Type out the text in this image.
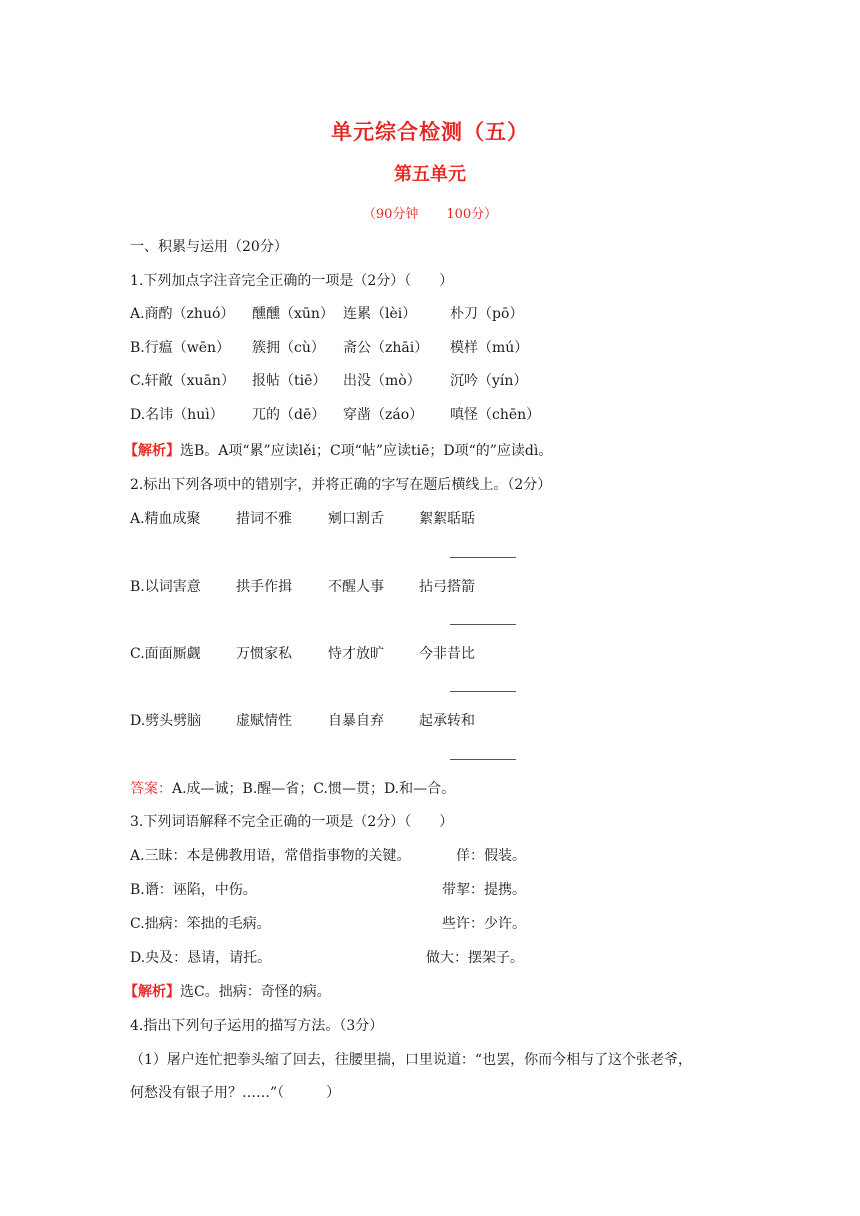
单元综合检测（五）
第五单元
（90分钟 100分）
一、积累与运用（20分）
1.下列加点字注音完全正确的一项是（2分）（　　）
A.商酌（zhuó） 醺醺（xūn） 连累（lèi） 朴刀（pō）
B.行瘟（wēn） 簇拥（cù） 斋公（zhāi） 模样（mú）
C.轩敞（xuān） 报帖（tiē） 出没（mò） 沉吟（yín）
D.名讳（huì） 兀的（dē） 穿凿（záo） 嗔怪（chēn）
【解析】选B。A项“累”应读lěi；C项“帖”应读tiē；D项“的”应读dì。
2.标出下列各项中的错别字，并将正确的字写在题后横线上。（2分）
A.精血成聚	措词不雅	剜口割舌	絮絮聒聒
B.以词害意	拱手作揖	不醒人事	拈弓搭箭
C.面面厮觑	万惯家私	恃才放旷	今非昔比
D.劈头劈脑 虚赋情性	自暴自弃	起承转和
答案：A.成—诚；B.醒—省；C.惯—贯；D.和—合。
3.下列词语解释不完全正确的一项是（2分）（　　）
A.三昧：本是佛教用语，常借指事物的关键。	佯：假装。
B.谮：诬陷，中伤。	带挈：提携。
C.拙病：笨拙的毛病。	些许：少许。
D.央及：恳请，请托。	做大：摆架子。
【解析】选C。拙病：奇怪的病。
4.指出下列句子运用的描写方法。（3分）
（1）屠户连忙把拳头缩了回去，往腰里揣，口里说道：“也罢，你而今相与了这个张老爷，
何愁没有银子用？……”（　　　）
